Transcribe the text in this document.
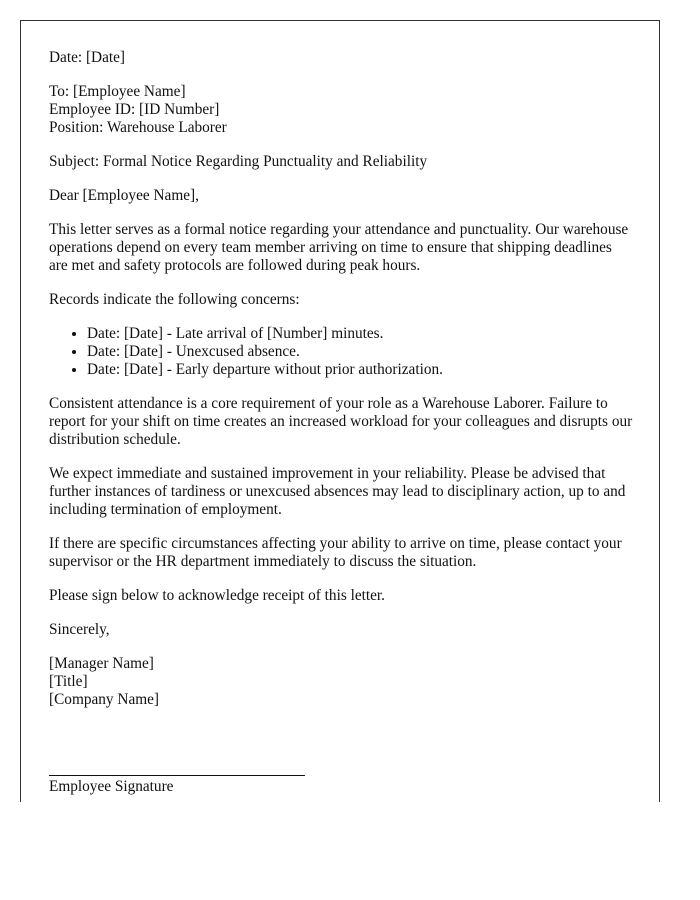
Date: [Date]

To: [Employee Name]
Employee ID: [ID Number]
Position: Warehouse Laborer

Subject: Formal Notice Regarding Punctuality and Reliability

Dear [Employee Name],

This letter serves as a formal notice regarding your attendance and punctuality. Our warehouse operations depend on every team member arriving on time to ensure that shipping deadlines are met and safety protocols are followed during peak hours.

Records indicate the following concerns:

• Date: [Date] - Late arrival of [Number] minutes.
• Date: [Date] - Unexcused absence.
• Date: [Date] - Early departure without prior authorization.

Consistent attendance is a core requirement of your role as a Warehouse Laborer. Failure to report for your shift on time creates an increased workload for your colleagues and disrupts our distribution schedule.

We expect immediate and sustained improvement in your reliability. Please be advised that further instances of tardiness or unexcused absences may lead to disciplinary action, up to and including termination of employment.

If there are specific circumstances affecting your ability to arrive on time, please contact your supervisor or the HR department immediately to discuss the situation.

Please sign below to acknowledge receipt of this letter.

Sincerely,

[Manager Name]
[Title]
[Company Name]

Employee Signature
